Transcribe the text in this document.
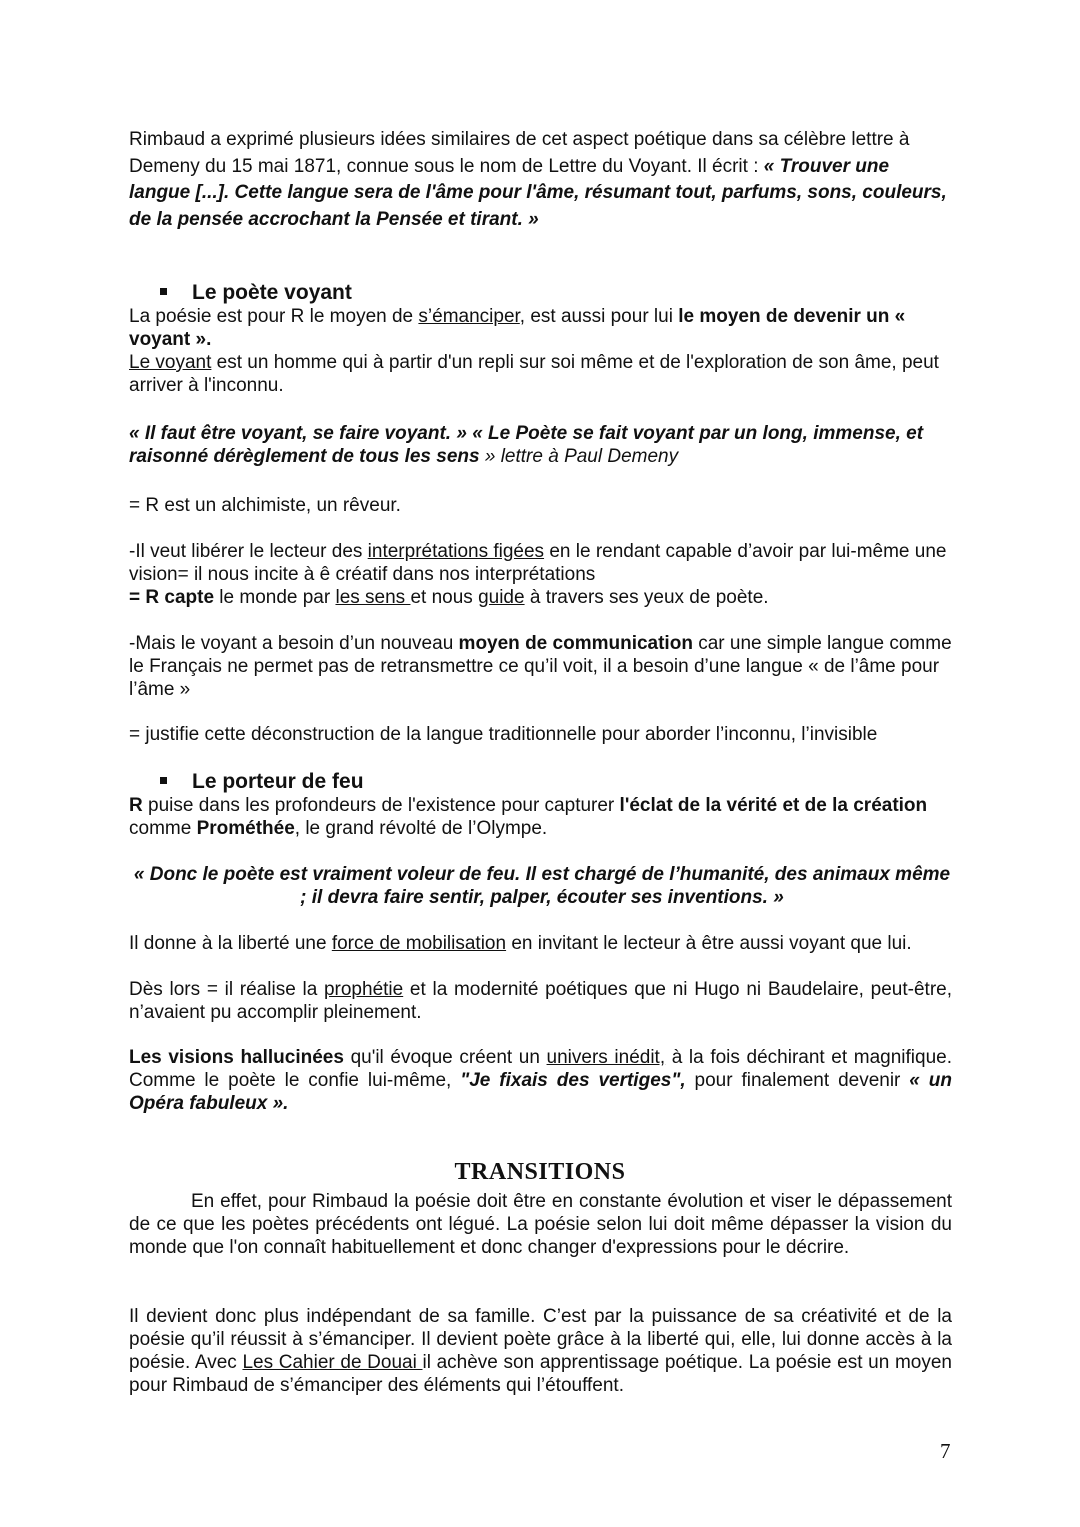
Rimbaud a exprimé plusieurs idées similaires de cet aspect poétique dans sa célèbre lettre à Demeny du 15 mai 1871, connue sous le nom de Lettre du Voyant. Il écrit : « Trouver une langue [...]. Cette langue sera de l'âme pour l'âme, résumant tout, parfums, sons, couleurs, de la pensée accrochant la Pensée et tirant. »

Le poète voyant

La poésie est pour R le moyen de s’émanciper, est aussi pour lui le moyen de devenir un « voyant ».
Le voyant est un homme qui à partir d'un repli sur soi même et de l'exploration de son âme, peut arriver à l'inconnu.

« Il faut être voyant, se faire voyant. » « Le Poète se fait voyant par un long, immense, et raisonné dérèglement de tous les sens » lettre à Paul Demeny

= R est un alchimiste, un rêveur.

-Il veut libérer le lecteur des interprétations figées en le rendant capable d’avoir par lui-même une vision= il nous incite à ê créatif dans nos interprétations
= R capte le monde par les sens et nous guide à travers ses yeux de poète.

-Mais le voyant a besoin d’un nouveau moyen de communication car une simple langue comme le Français ne permet pas de retransmettre ce qu’il voit, il a besoin d’une langue « de l’âme pour l’âme »

= justifie cette déconstruction de la langue traditionnelle pour aborder l’inconnu, l’invisible

Le porteur de feu

R puise dans les profondeurs de l'existence pour capturer l'éclat de la vérité et de la création comme Prométhée, le grand révolté de l’Olympe.

« Donc le poète est vraiment voleur de feu. Il est chargé de l’humanité, des animaux même ; il devra faire sentir, palper, écouter ses inventions. »

Il donne à la liberté une force de mobilisation en invitant le lecteur à être aussi voyant que lui.

Dès lors = il réalise la prophétie et la modernité poétiques que ni Hugo ni Baudelaire, peut-être, n’avaient pu accomplir pleinement.

Les visions hallucinées qu'il évoque créent un univers inédit, à la fois déchirant et magnifique. Comme le poète le confie lui-même, "Je fixais des vertiges", pour finalement devenir « un Opéra fabuleux ».

TRANSITIONS

En effet, pour Rimbaud la poésie doit être en constante évolution et viser le dépassement de ce que les poètes précédents ont légué. La poésie selon lui doit même dépasser la vision du monde que l'on connaît habituellement et donc changer d'expressions pour le décrire.

Il devient donc plus indépendant de sa famille. C’est par la puissance de sa créativité et de la poésie qu’il réussit à s’émanciper. Il devient poète grâce à la liberté qui, elle, lui donne accès à la poésie. Avec Les Cahier de Douai il achève son apprentissage poétique. La poésie est un moyen pour Rimbaud de s’émanciper des éléments qui l’étouffent.

7
